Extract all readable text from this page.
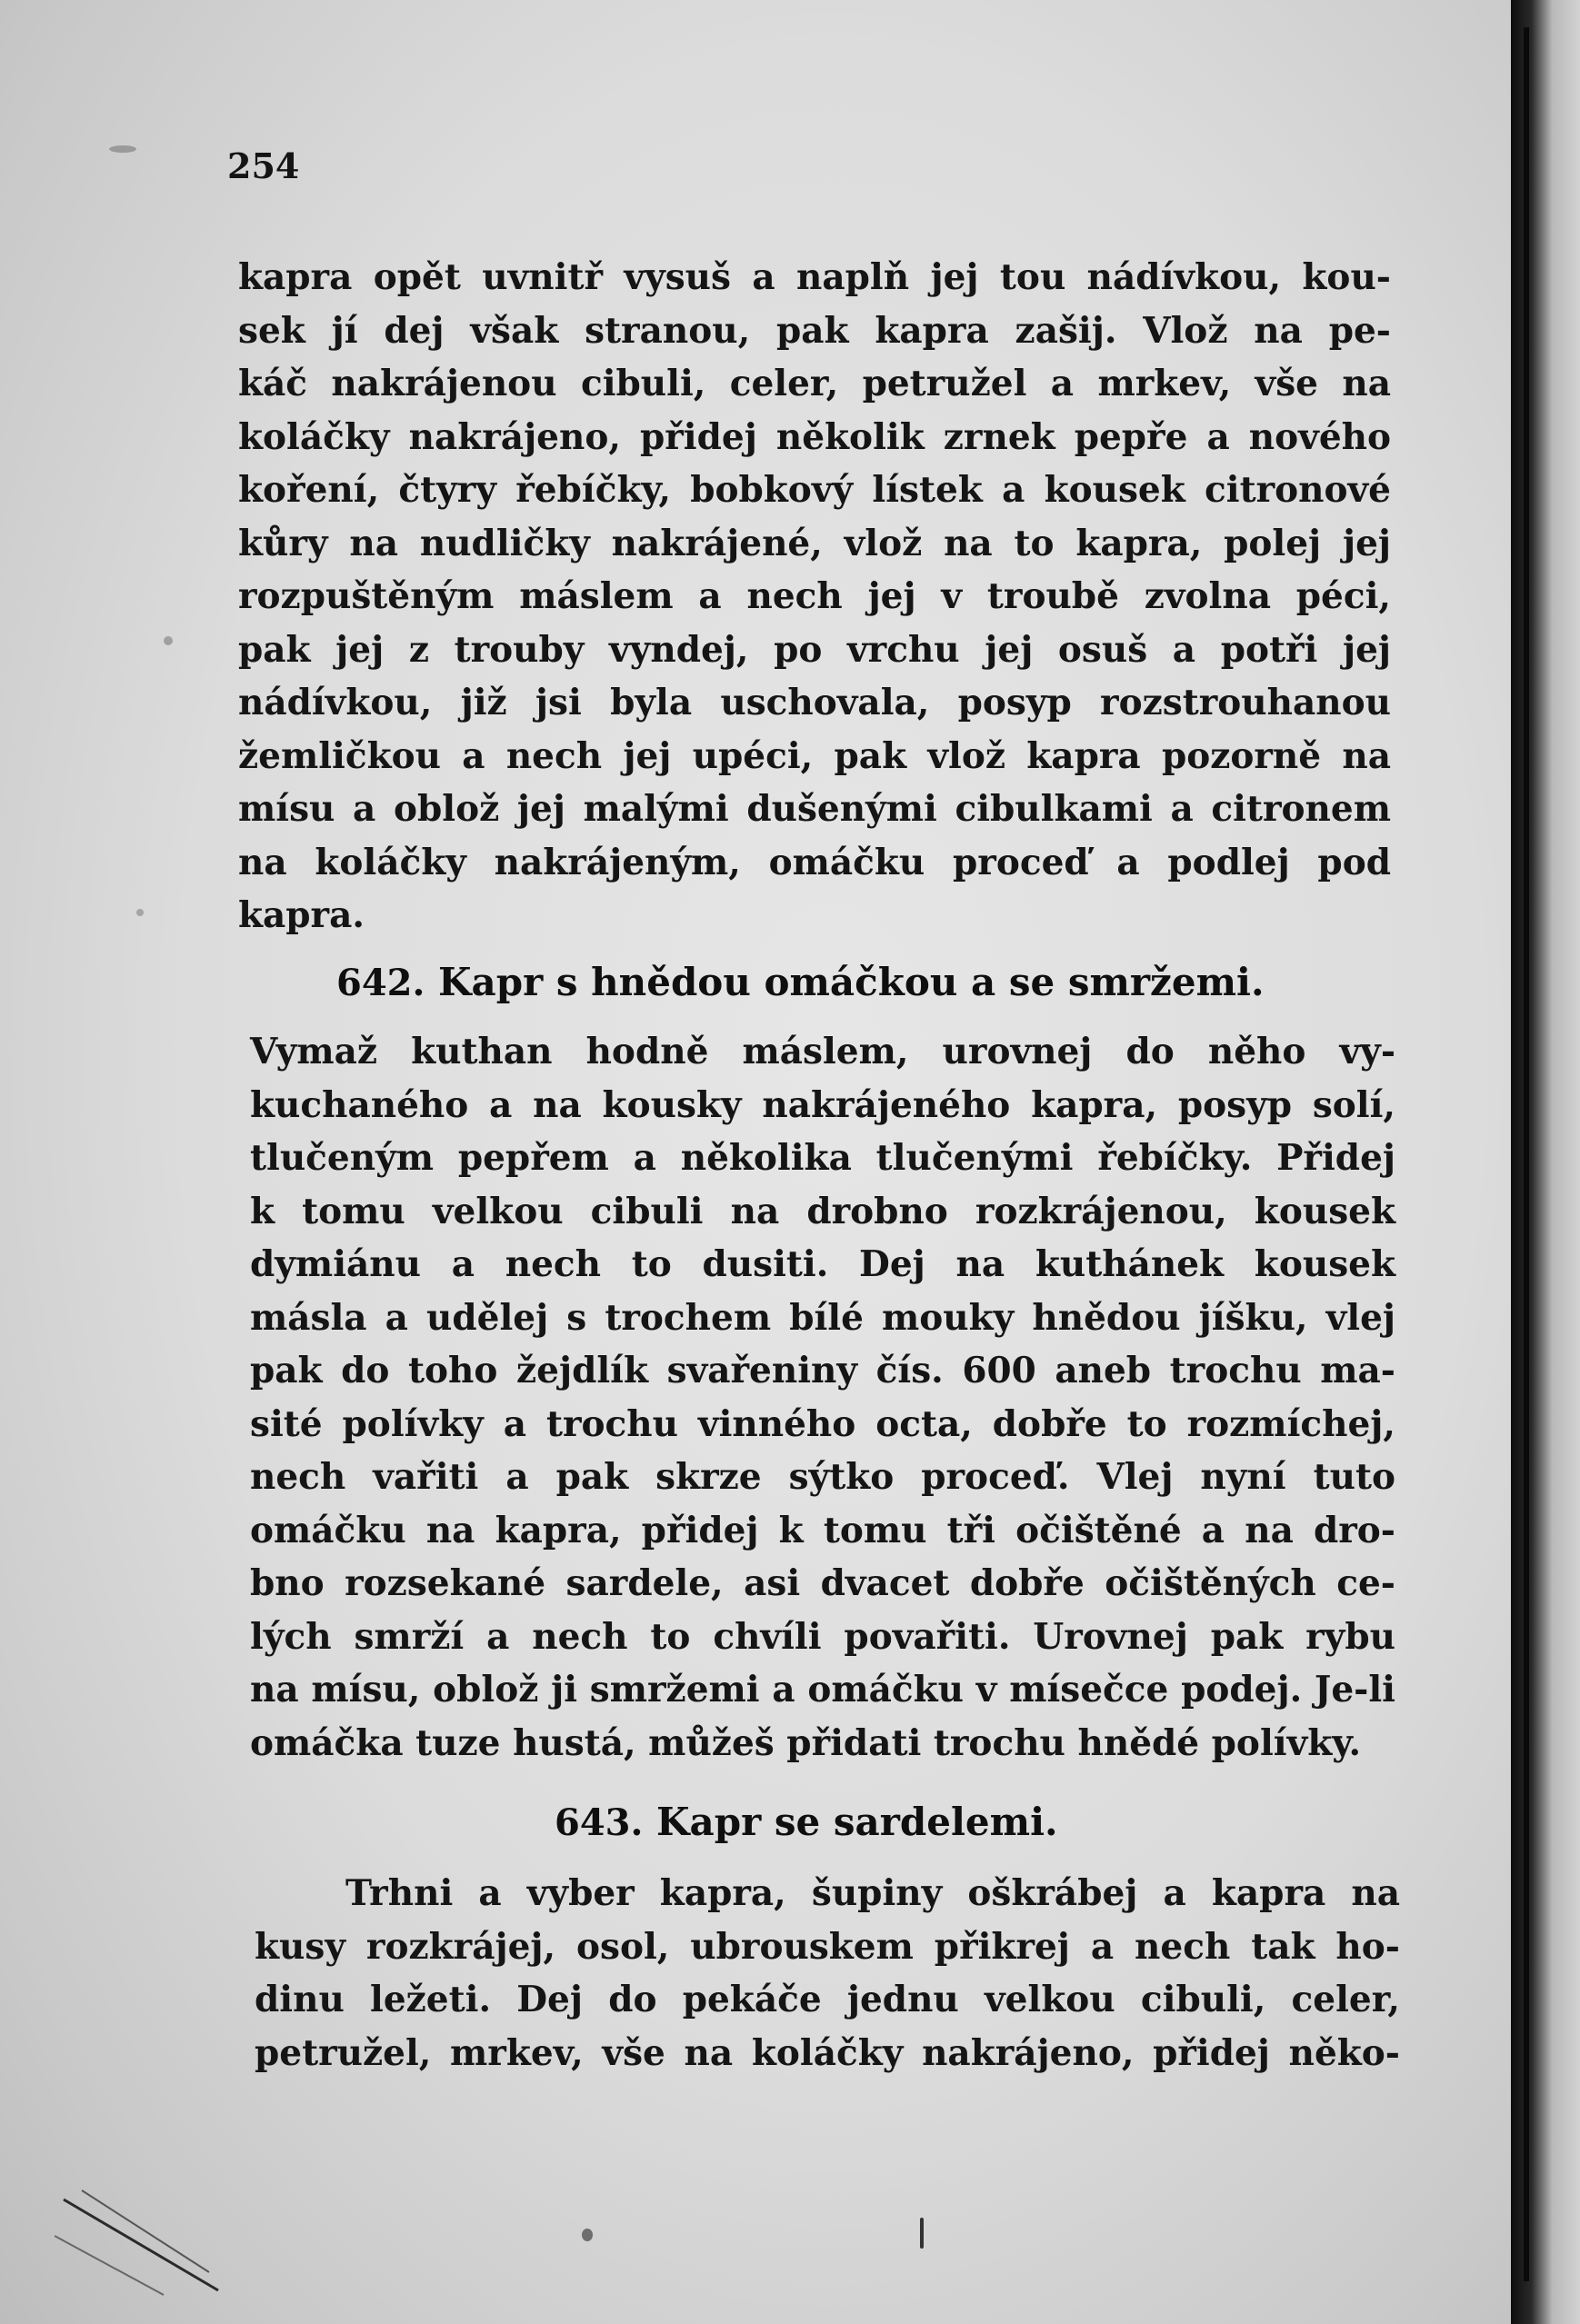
254
kapra opět uvnitř vysuš a naplň jej tou nádívkou, kou-
sek jí dej však stranou, pak kapra zašij. Vlož na pe-
káč nakrájenou cibuli, celer, petružel a mrkev, vše na
koláčky nakrájeno, přidej několik zrnek pepře a nového
koření, čtyry řebíčky, bobkový lístek a kousek citronové
kůry na nudličky nakrájené, vlož na to kapra, polej jej
rozpuštěným máslem a nech jej v troubě zvolna péci,
pak jej z trouby vyndej, po vrchu jej osuš a potři jej
nádívkou, již jsi byla uschovala, posyp rozstrouhanou
žemličkou a nech jej upéci, pak vlož kapra pozorně na
mísu a oblož jej malými dušenými cibulkami a citronem
na koláčky nakrájeným, omáčku proceď a podlej pod
kapra.
642. Kapr s hnědou omáčkou a se smržemi.
Vymaž kuthan hodně máslem, urovnej do něho vy-
kuchaného a na kousky nakrájeného kapra, posyp solí,
tlučeným pepřem a několika tlučenými řebíčky. Přidej
k tomu velkou cibuli na drobno rozkrájenou, kousek
dymiánu a nech to dusiti. Dej na kuthánek kousek
másla a udělej s trochem bílé mouky hnědou jíšku, vlej
pak do toho žejdlík svařeniny čís. 600 aneb trochu ma-
sité polívky a trochu vinného octa, dobře to rozmíchej,
nech vařiti a pak skrze sýtko proceď. Vlej nyní tuto
omáčku na kapra, přidej k tomu tři očištěné a na dro-
bno rozsekané sardele, asi dvacet dobře očištěných ce-
lých smrží a nech to chvíli povařiti. Urovnej pak rybu
na mísu, oblož ji smržemi a omáčku v mísečce podej. Je-li
omáčka tuze hustá, můžeš přidati trochu hnědé polívky.
643. Kapr se sardelemi.
Trhni a vyber kapra, šupiny oškrábej a kapra na
kusy rozkrájej, osol, ubrouskem přikrej a nech tak ho-
dinu ležeti. Dej do pekáče jednu velkou cibuli, celer,
petružel, mrkev, vše na koláčky nakrájeno, přidej něko-
